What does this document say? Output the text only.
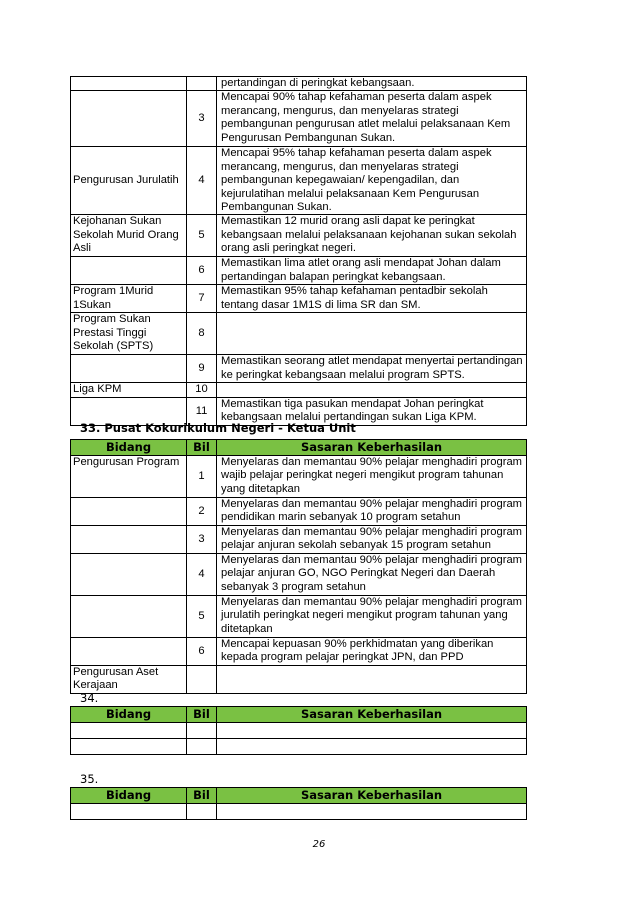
		pertandingan di peringkat kebangsaan.
	3	Mencapai 90% tahap kefahaman peserta dalam aspek merancang, mengurus, dan menyelaras strategi pembangunan pengurusan atlet melalui pelaksanaan Kem Pengurusan Pembangunan Sukan.
Pengurusan Jurulatih	4	Mencapai 95% tahap kefahaman peserta dalam aspek merancang, mengurus, dan menyelaras strategi pembangunan kepegawaian/ kepengadilan, dan kejurulatihan melalui pelaksanaan Kem Pengurusan Pembangunan Sukan.
Kejohanan Sukan Sekolah Murid Orang Asli	5	Memastikan 12 murid orang asli dapat ke peringkat kebangsaan melalui pelaksanaan kejohanan sukan sekolah orang asli peringkat negeri.
	6	Memastikan lima atlet orang asli mendapat Johan dalam pertandingan balapan peringkat kebangsaan.
Program 1Murid 1Sukan	7	Memastikan 95% tahap kefahaman pentadbir sekolah tentang dasar 1M1S di lima SR dan SM.
Program Sukan Prestasi Tinggi Sekolah (SPTS)	8	
	9	Memastikan seorang atlet mendapat menyertai pertandingan ke peringkat kebangsaan melalui program SPTS.
Liga KPM	10	
	11	Memastikan tiga pasukan mendapat Johan peringkat kebangsaan melalui pertandingan sukan Liga KPM.
33. Pusat Kokurikulum Negeri - Ketua Unit
Bidang	Bil	Sasaran Keberhasilan
Pengurusan Program	1	Menyelaras dan memantau 90% pelajar menghadiri program wajib pelajar peringkat negeri mengikut program tahunan yang ditetapkan
	2	Menyelaras dan memantau 90% pelajar menghadiri program pendidikan marin sebanyak 10 program setahun
	3	Menyelaras dan memantau 90% pelajar menghadiri program pelajar anjuran sekolah sebanyak 15 program setahun
	4	Menyelaras dan memantau 90% pelajar menghadiri program pelajar anjuran GO, NGO Peringkat Negeri dan Daerah sebanyak 3 program setahun
	5	Menyelaras dan memantau 90% pelajar menghadiri program jurulatih peringkat negeri mengikut program tahunan yang ditetapkan
	6	Mencapai kepuasan 90% perkhidmatan yang diberikan kepada program pelajar peringkat JPN, dan PPD
Pengurusan Aset Kerajaan		
34.
Bidang	Bil	Sasaran Keberhasilan

35.
Bidang	Bil	Sasaran Keberhasilan

26
